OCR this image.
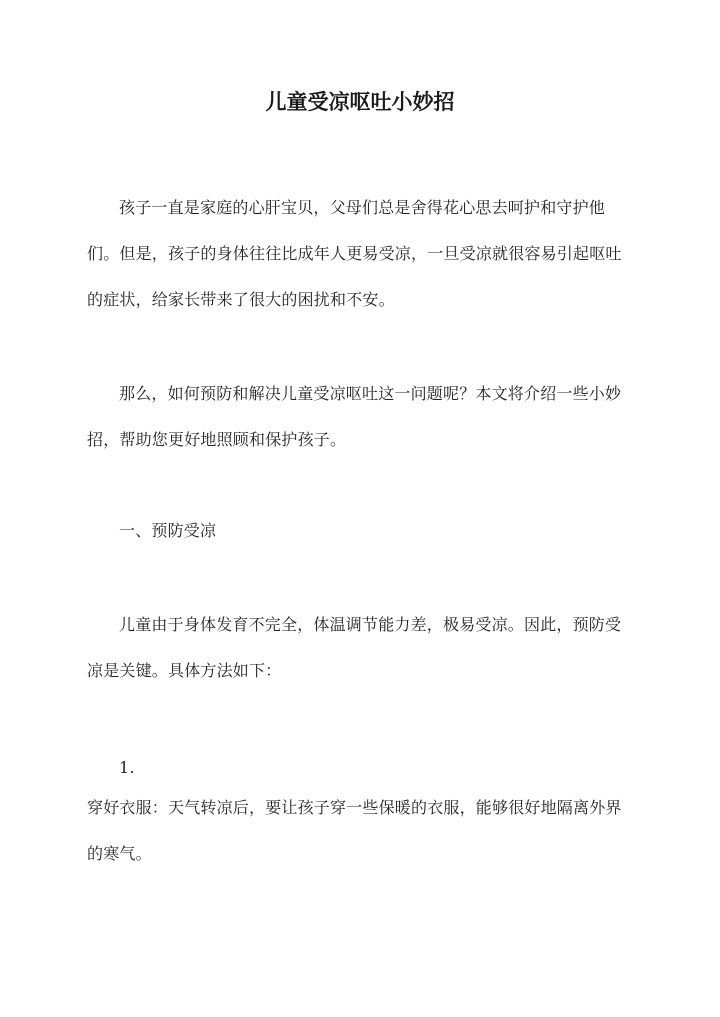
儿童受凉呕吐小妙招

孩子一直是家庭的心肝宝贝，父母们总是舍得花心思去呵护和守护他们。但是，孩子的身体往往比成年人更易受凉，一旦受凉就很容易引起呕吐的症状，给家长带来了很大的困扰和不安。

那么，如何预防和解决儿童受凉呕吐这一问题呢？本文将介绍一些小妙招，帮助您更好地照顾和保护孩子。

一、预防受凉

儿童由于身体发育不完全，体温调节能力差，极易受凉。因此，预防受凉是关键。具体方法如下：

1.

穿好衣服：天气转凉后，要让孩子穿一些保暖的衣服，能够很好地隔离外界的寒气。
